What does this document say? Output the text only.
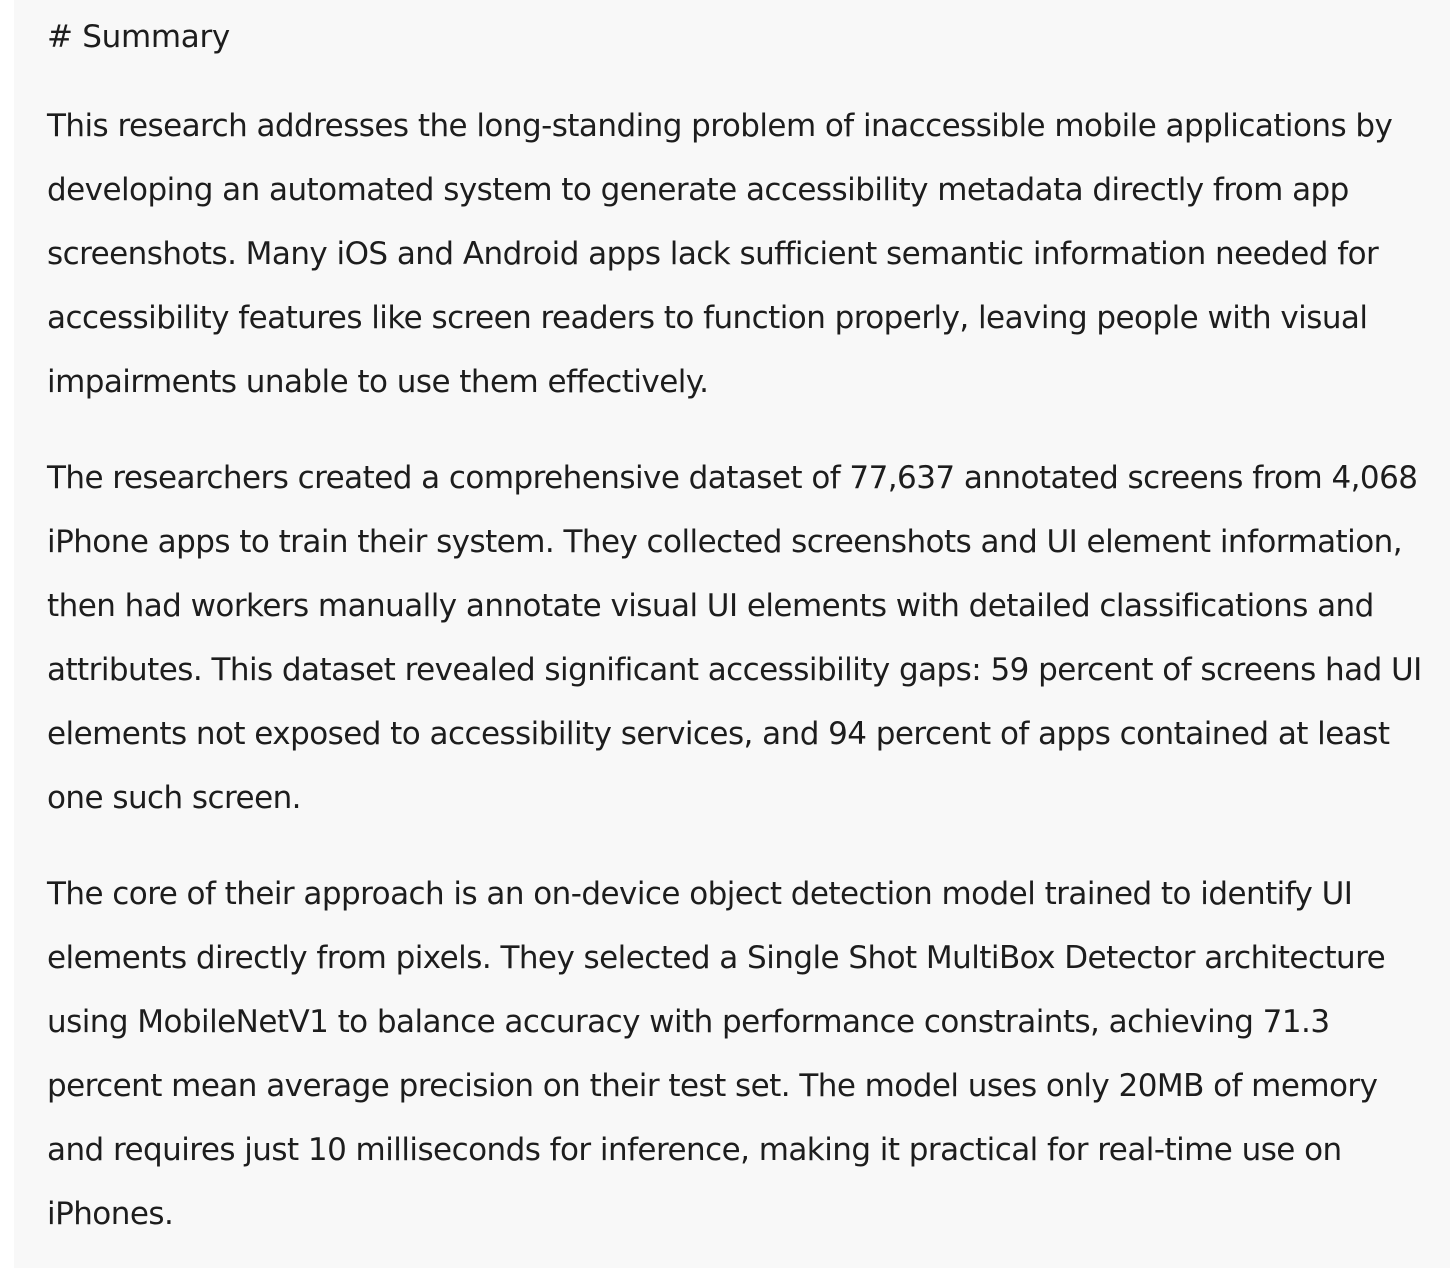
# Summary

This research addresses the long-standing problem of inaccessible mobile applications by
developing an automated system to generate accessibility metadata directly from app
screenshots. Many iOS and Android apps lack sufficient semantic information needed for
accessibility features like screen readers to function properly, leaving people with visual
impairments unable to use them effectively.

The researchers created a comprehensive dataset of 77,637 annotated screens from 4,068
iPhone apps to train their system. They collected screenshots and UI element information,
then had workers manually annotate visual UI elements with detailed classifications and
attributes. This dataset revealed significant accessibility gaps: 59 percent of screens had UI
elements not exposed to accessibility services, and 94 percent of apps contained at least
one such screen.

The core of their approach is an on-device object detection model trained to identify UI
elements directly from pixels. They selected a Single Shot MultiBox Detector architecture
using MobileNetV1 to balance accuracy with performance constraints, achieving 71.3
percent mean average precision on their test set. The model uses only 20MB of memory
and requires just 10 milliseconds for inference, making it practical for real-time use on
iPhones.
